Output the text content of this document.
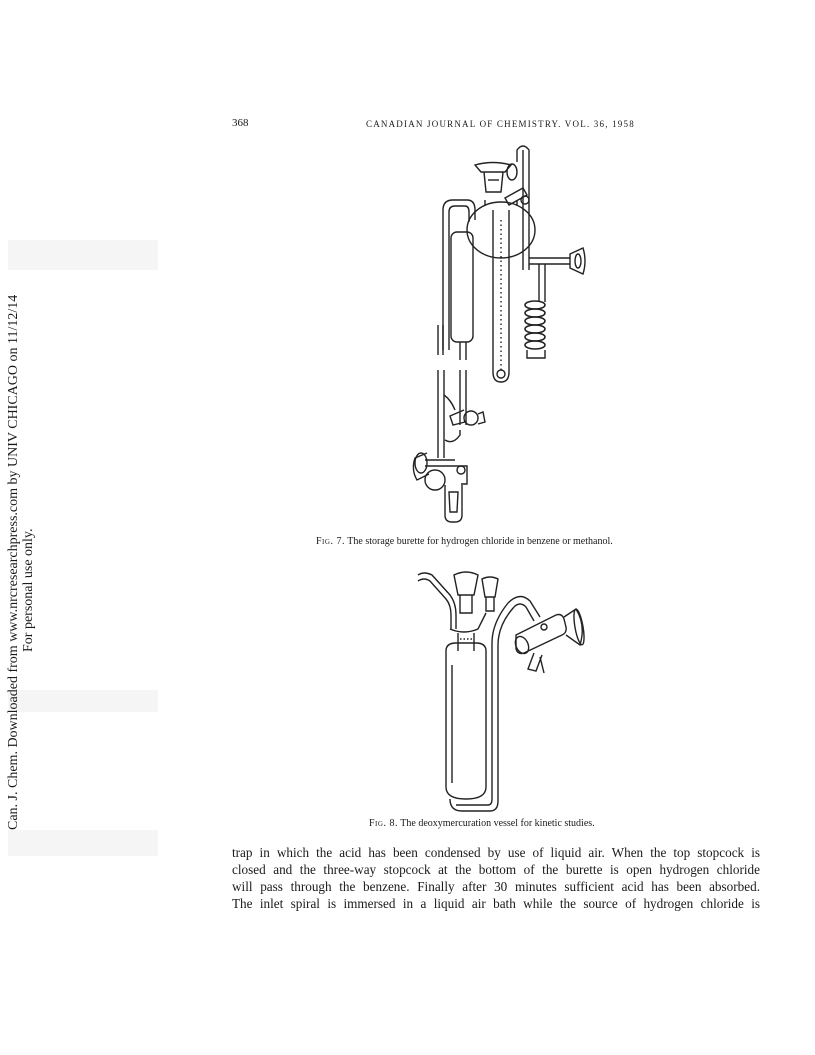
368	CANADIAN JOURNAL OF CHEMISTRY. VOL. 36, 1958
Can. J. Chem. Downloaded from www.nrcresearchpress.com by UNIV CHICAGO on 11/12/14 For personal use only.	Fig. 7. The storage burette for hydrogen chloride in benzene or methanol.
Fig. 8. The deoxymercuration vessel for kinetic studies.
trap in which the acid has been condensed by use of liquid air. When the top stopcock is
closed and the three-way stopcock at the bottom of the burette is open hydrogen chloride
will pass through the benzene. Finally after 30 minutes sufficient acid has been absorbed.
The inlet spiral is immersed in a liquid air bath while the source of hydrogen chloride is
